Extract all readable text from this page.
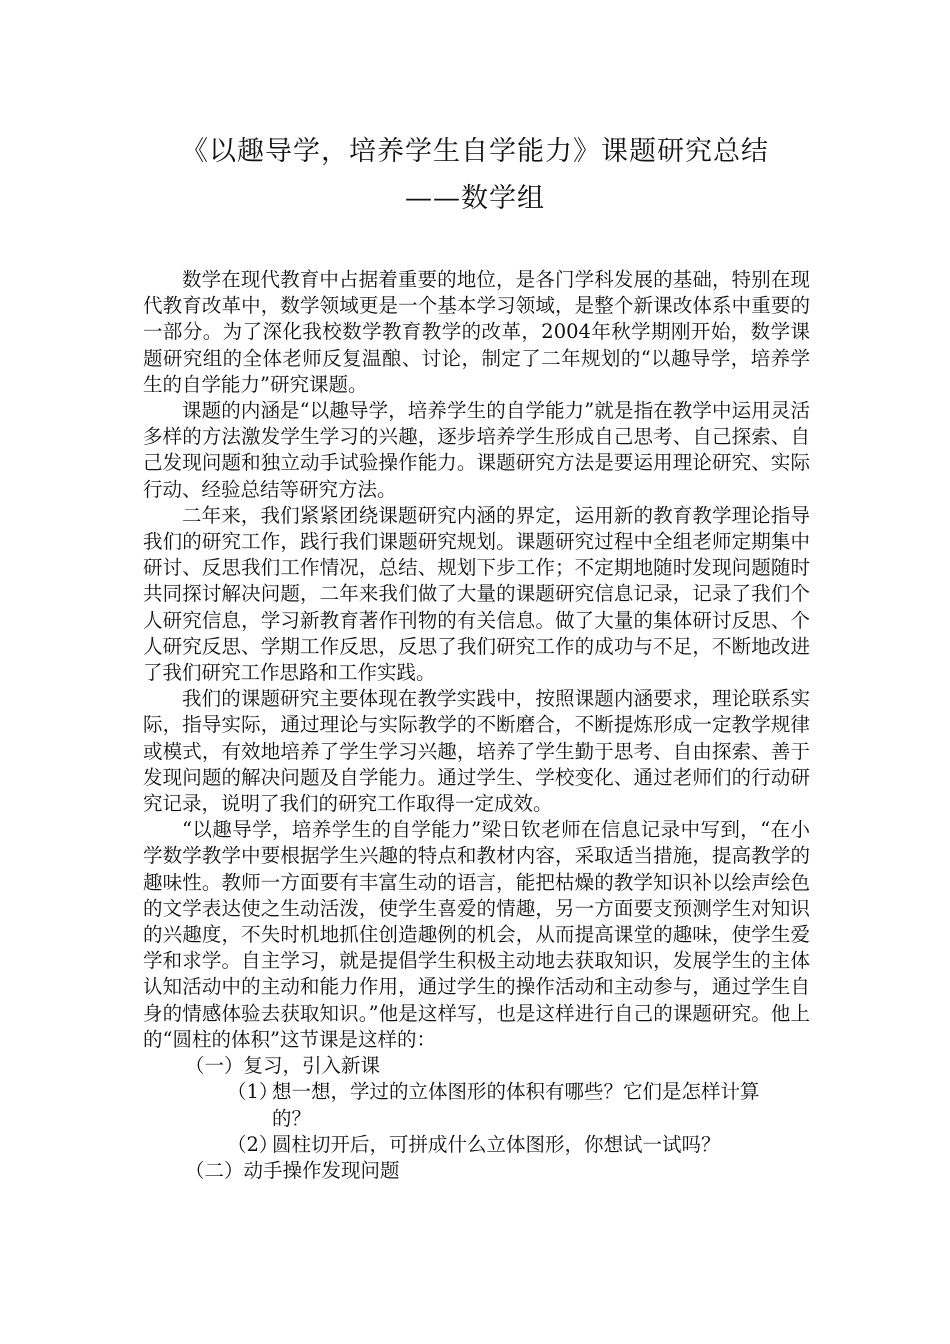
《以趣导学，培养学生自学能力》课题研究总结
——数学组

数学在现代教育中占据着重要的地位，是各门学科发展的基础，特别在现代教育改革中，数学领域更是一个基本学习领域，是整个新课改体系中重要的一部分。为了深化我校数学教育教学的改革，2004年秋学期刚开始，数学课题研究组的全体老师反复温酿、讨论，制定了二年规划的“以趣导学，培养学生的自学能力”研究课题。

课题的内涵是“以趣导学，培养学生的自学能力”就是指在教学中运用灵活多样的方法激发学生学习的兴趣，逐步培养学生形成自己思考、自己探索、自己发现问题和独立动手试验操作能力。课题研究方法是要运用理论研究、实际行动、经验总结等研究方法。

二年来，我们紧紧团绕课题研究内涵的界定，运用新的教育教学理论指导我们的研究工作，践行我们课题研究规划。课题研究过程中全组老师定期集中研讨、反思我们工作情况，总结、规划下步工作；不定期地随时发现问题随时共同探讨解决问题，二年来我们做了大量的课题研究信息记录，记录了我们个人研究信息，学习新教育著作刊物的有关信息。做了大量的集体研讨反思、个人研究反思、学期工作反思，反思了我们研究工作的成功与不足，不断地改进了我们研究工作思路和工作实践。

我们的课题研究主要体现在教学实践中，按照课题内涵要求，理论联系实际，指导实际，通过理论与实际教学的不断磨合，不断提炼形成一定教学规律或模式，有效地培养了学生学习兴趣，培养了学生勤于思考、自由探索、善于发现问题的解决问题及自学能力。通过学生、学校变化、通过老师们的行动研究记录，说明了我们的研究工作取得一定成效。

“以趣导学，培养学生的自学能力”梁日钦老师在信息记录中写到，“在小学数学教学中要根据学生兴趣的特点和教材内容，采取适当措施，提高教学的趣味性。教师一方面要有丰富生动的语言，能把枯燥的教学知识补以绘声绘色的文学表达使之生动活泼，使学生喜爱的情趣，另一方面要支预测学生对知识的兴趣度，不失时机地抓住创造趣例的机会，从而提高课堂的趣味，使学生爱学和求学。自主学习，就是提倡学生积极主动地去获取知识，发展学生的主体认知活动中的主动和能力作用，通过学生的操作活动和主动参与，通过学生自身的情感体验去获取知识。”他是这样写，也是这样进行自己的课题研究。他上的“圆柱的体积”这节课是这样的：

（一）复习，引入新课

（1）想一想，学过的立体图形的体积有哪些？它们是怎样计算的？
（2）圆柱切开后，可拼成什么立体图形，你想试一试吗？

（二）动手操作发现问题
